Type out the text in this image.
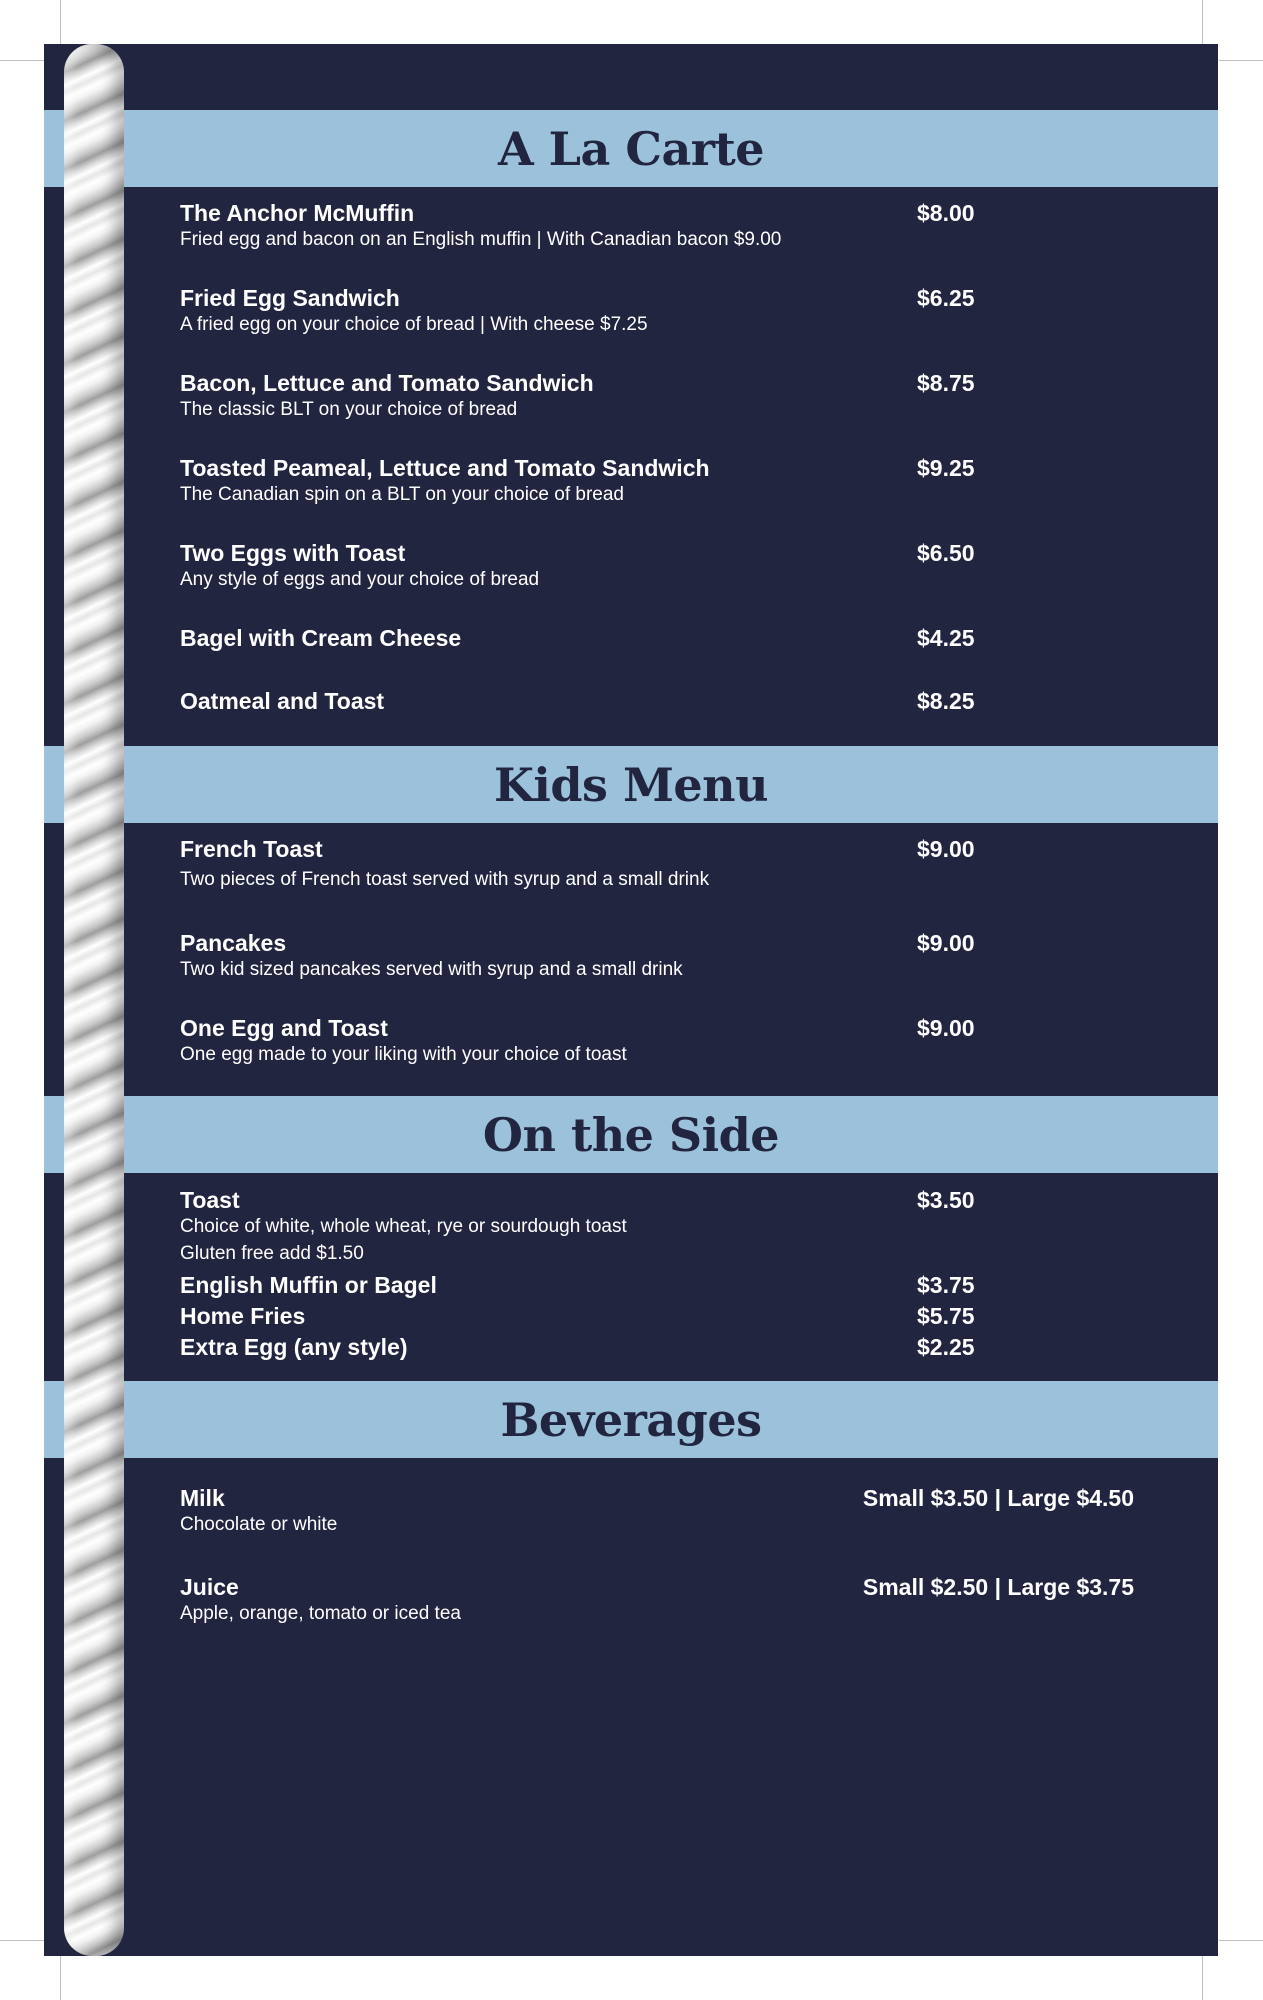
A La Carte
The Anchor McMuffin	$8.00
Fried egg and bacon on an English muffin | With Canadian bacon $9.00
Fried Egg Sandwich	$6.25
A fried egg on your choice of bread | With cheese $7.25
Bacon, Lettuce and Tomato Sandwich	$8.75
The classic BLT on your choice of bread
Toasted Peameal, Lettuce and Tomato Sandwich	$9.25
The Canadian spin on a BLT on your choice of bread
Two Eggs with Toast	$6.50
Any style of eggs and your choice of bread
Bagel with Cream Cheese	$4.25
Oatmeal and Toast	$8.25
Kids Menu
French Toast	$9.00
Two pieces of French toast served with syrup and a small drink
Pancakes	$9.00
Two kid sized pancakes served with syrup and a small drink
One Egg and Toast	$9.00
One egg made to your liking with your choice of toast
On the Side
Toast	$3.50
Choice of white, whole wheat, rye or sourdough toast
Gluten free add $1.50
English Muffin or Bagel	$3.75
Home Fries	$5.75
Extra Egg (any style)	$2.25
Beverages
Milk	Small $3.50 | Large $4.50
Chocolate or white
Juice	Small $2.50 | Large $3.75
Apple, orange, tomato or iced tea
